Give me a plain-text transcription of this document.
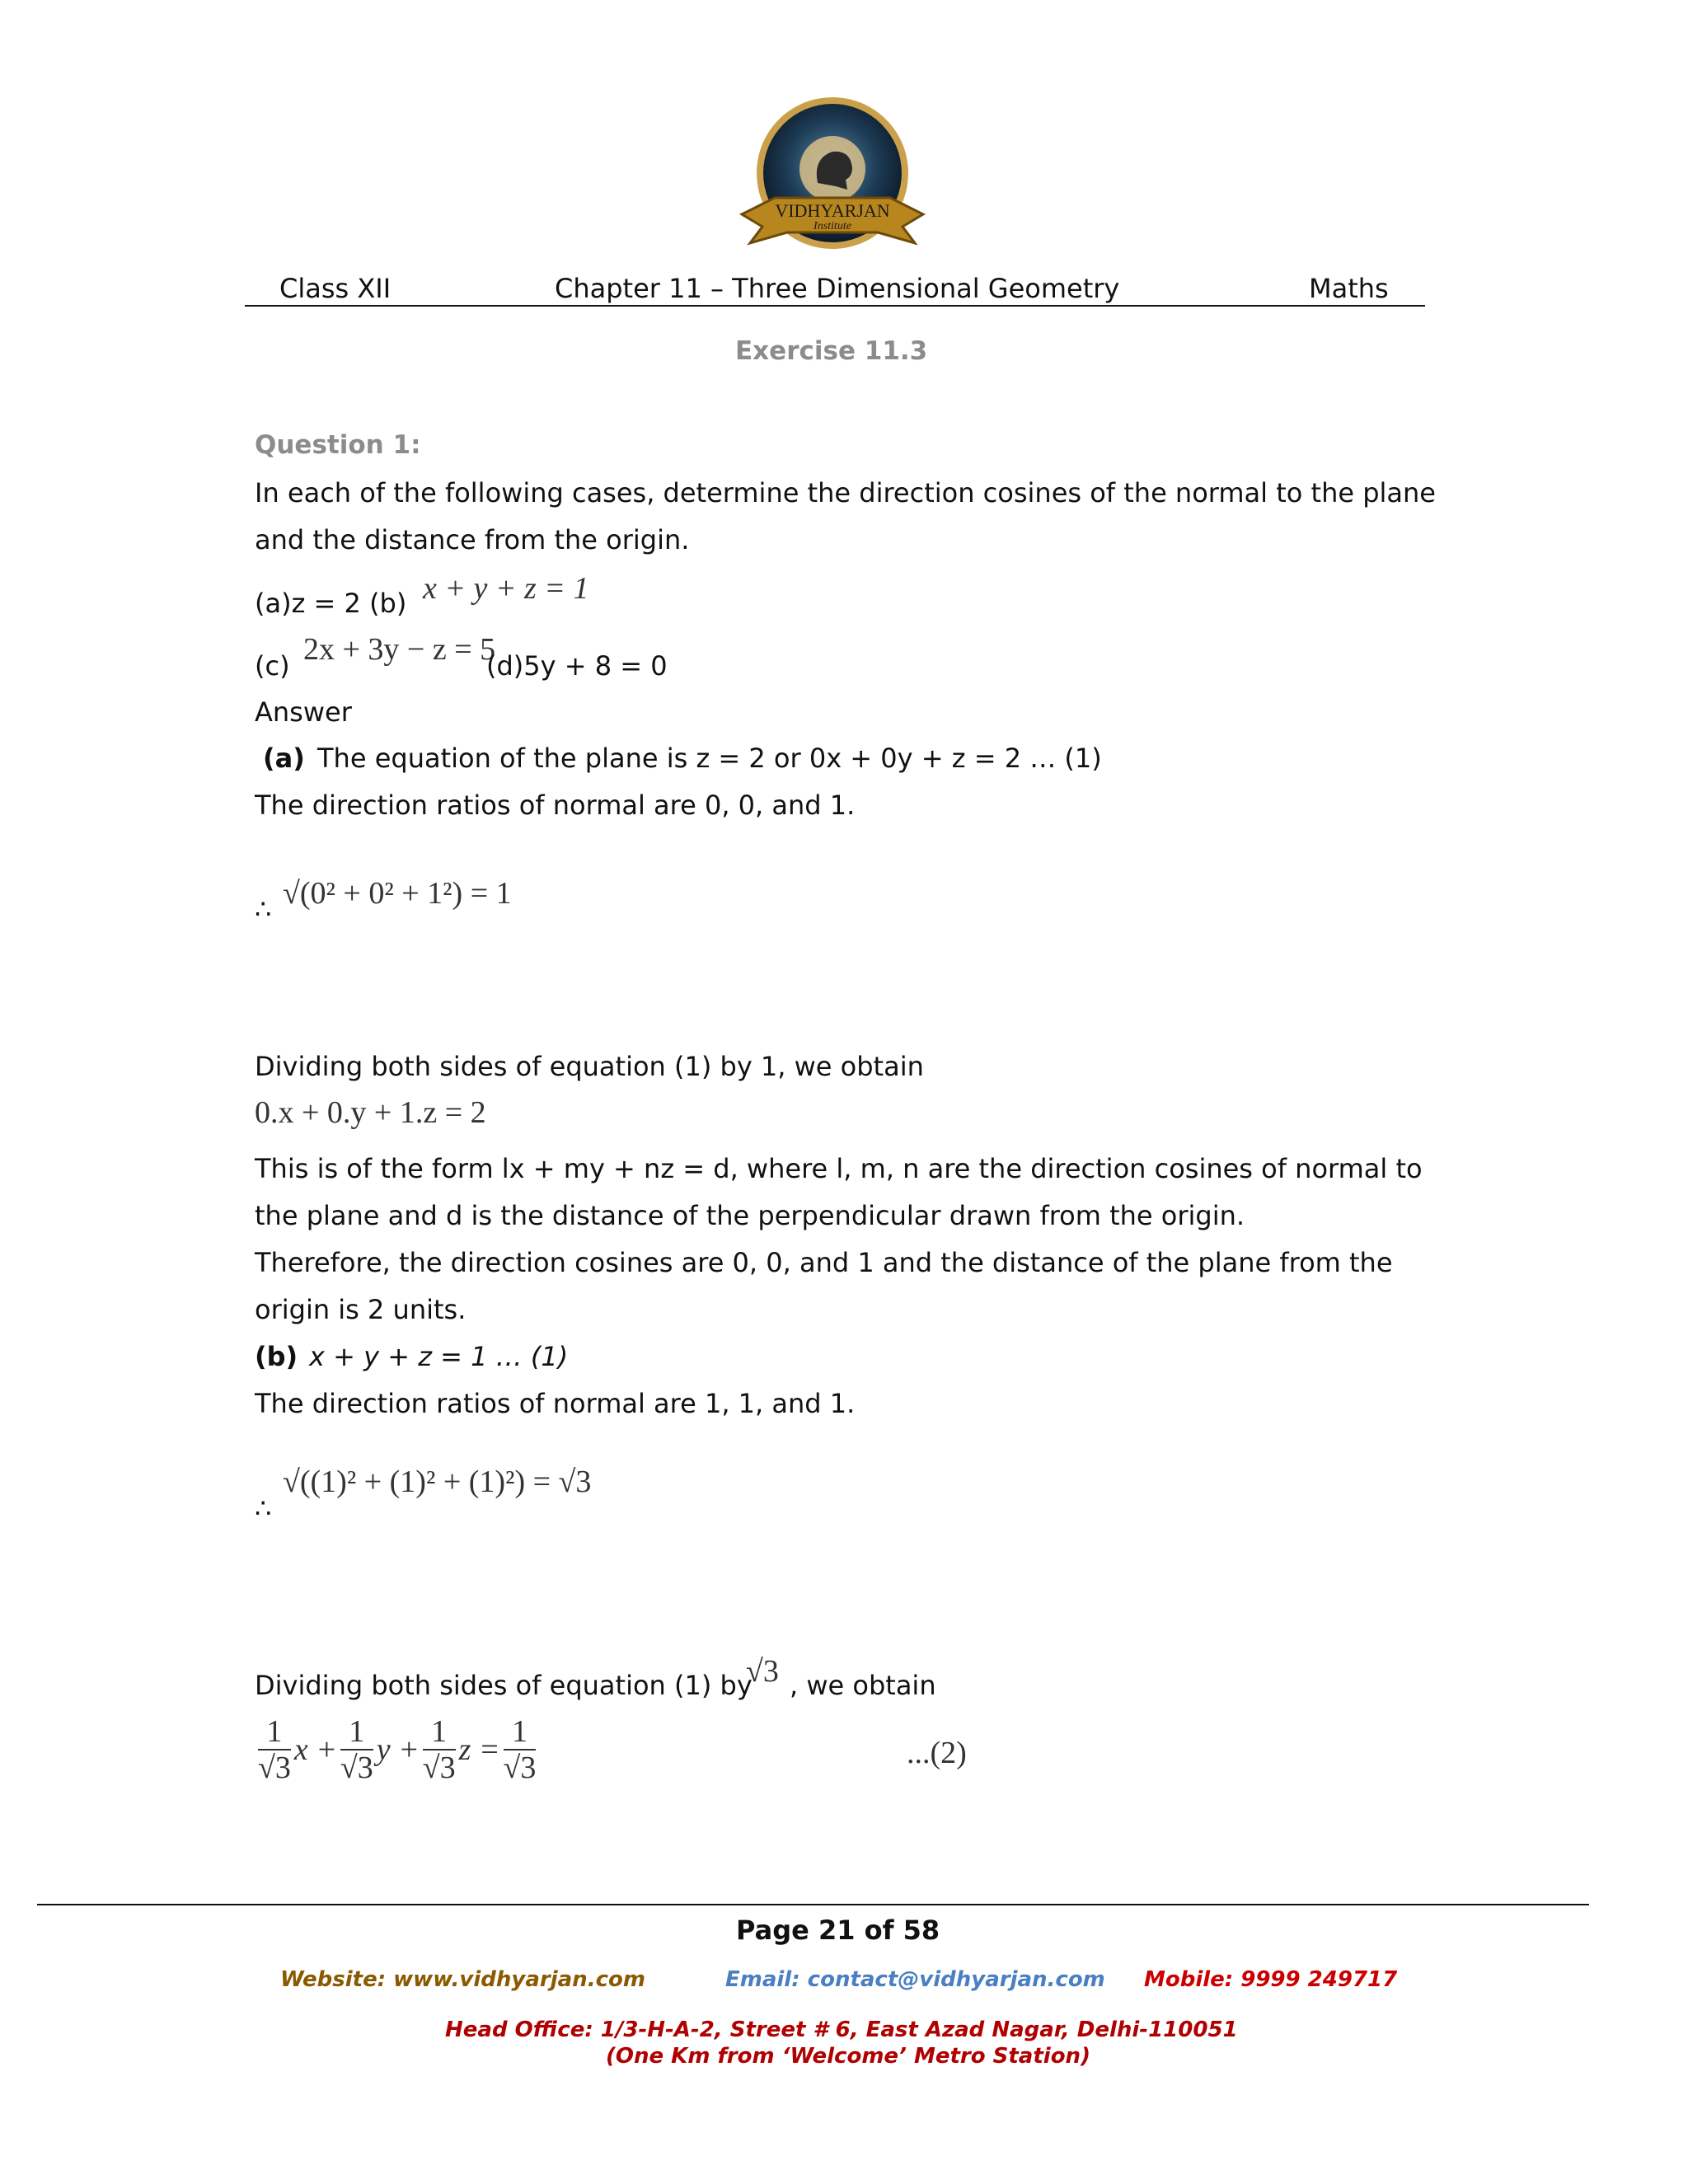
VIDHYARJAN
Institute
Class XII	Chapter 11 – Three Dimensional Geometry	Maths
Exercise 11.3
Question 1:
In each of the following cases, determine the direction cosines of the normal to the plane
and the distance from the origin.
(a)z = 2 (b) x + y + z = 1
(c) 2x + 3y − z = 5
(d)5y + 8 = 0
Answer
(a) The equation of the plane is z = 2 or 0x + 0y + z = 2 … (1)
The direction ratios of normal are 0, 0, and 1.
∴ √(0² + 0² + 1²) = 1
Dividing both sides of equation (1) by 1, we obtain
0.x + 0.y + 1.z = 2
This is of the form lx + my + nz = d, where l, m, n are the direction cosines of normal to
the plane and d is the distance of the perpendicular drawn from the origin.
Therefore, the direction cosines are 0, 0, and 1 and the distance of the plane from the
origin is 2 units.
(b) x + y + z = 1 … (1)
The direction ratios of normal are 1, 1, and 1.
∴
√((1)² + (1)² + (1)²) = √3
Dividing both sides of equation (1) by
√3 , we obtain
$\frac{1}{√3}$ $x + \frac{1}{√3}$ $y + \frac{1}{√3}$ $z = \frac{1}{√3}$	...(2)
Page 21 of 58
Website: www.vidhyarjan.com	Email: contact@vidhyarjan.com Mobile: 9999 249717
Head Office: 1/3-H-A-2, Street # 6, East Azad Nagar, Delhi-110051
(One Km from ‘Welcome’ Metro Station)
